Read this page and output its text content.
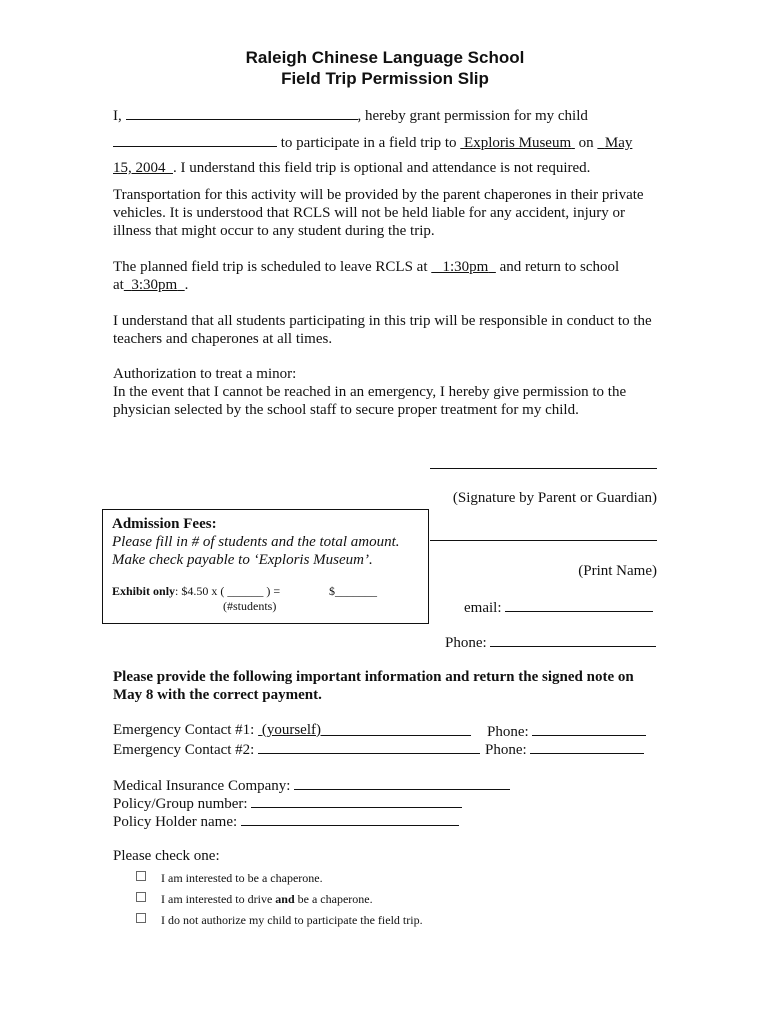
Raleigh Chinese Language School
Field Trip Permission Slip
I,	, hereby grant permission for my child
to participate in a field trip to Exploris Museum on May
15, 2004 . I understand this field trip is optional and attendance is not required.
Transportation for this activity will be provided by the parent chaperones in their private
vehicles. It is understood that RCLS will not be held liable for any accident, injury or
illness that might occur to any student during the trip.
The planned field trip is scheduled to leave RCLS at 1:30pm and return to school
at 3:30pm .
I understand that all students participating in this trip will be responsible in conduct to the
teachers and chaperones at all times.
Authorization to treat a minor:
In the event that I cannot be reached in an emergency, I hereby give permission to the
physician selected by the school staff to secure proper treatment for my child.
(Signature by Parent or Guardian)
(Print Name)
email:
Phone:
Admission Fees:
Please fill in # of students and the total amount.
Make check payable to ‘Exploris Museum’.
Exhibit only: $4.50 x ( ______ ) =	$_______
(#students)
Please provide the following important information and return the signed note on
May 8 with the correct payment.
Emergency Contact #1: (yourself)	Phone:
Emergency Contact #2:	Phone:
Medical Insurance Company:
Policy/Group number:
Policy Holder name:
Please check one:
I am interested to be a chaperone.
I am interested to drive and be a chaperone.
I do not authorize my child to participate the field trip.
